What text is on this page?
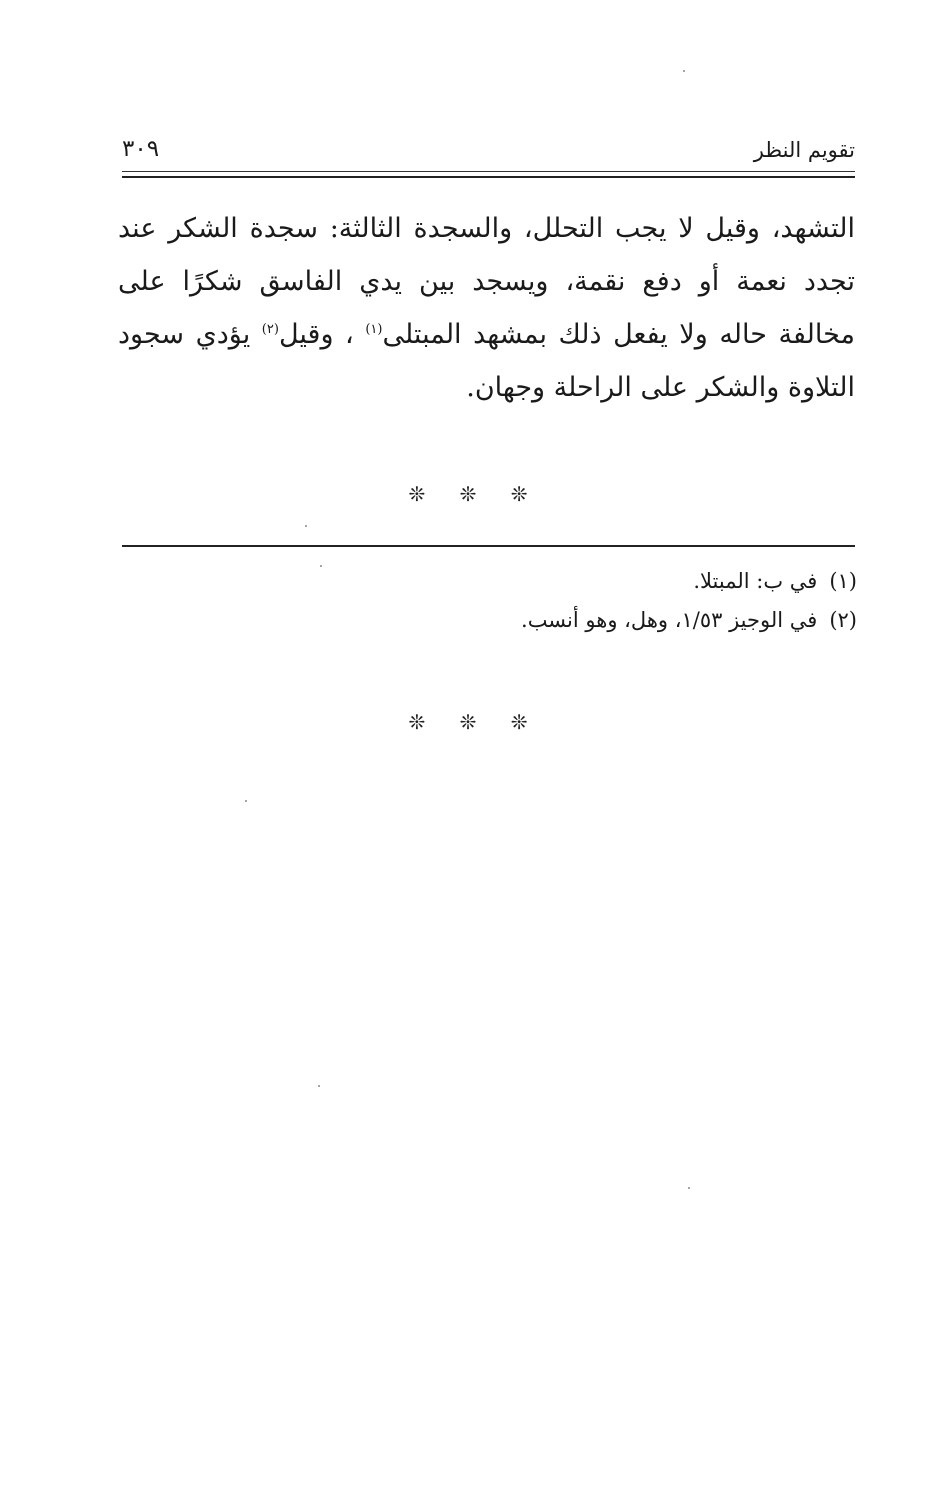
تقويم النظر
٣٠٩

التشهد، وقيل لا يجب التحلل، والسجدة الثالثة: سجدة الشكر عند تجدد نعمة أو دفع نقمة، ويسجد بين يدي الفاسق شكرًا على مخالفة حاله ولا يفعل ذلك بمشهد المبتلى$^{(١)}$ ، وقيل$^{(٢)}$ يؤدي سجود التلاوة والشكر على الراحلة وجهان.

❊ ❊ ❊
(١)في ب: المبتلا.
(٢)في الوجيز ١/٥٣، وهل، وهو أنسب.
❊ ❊ ❊
